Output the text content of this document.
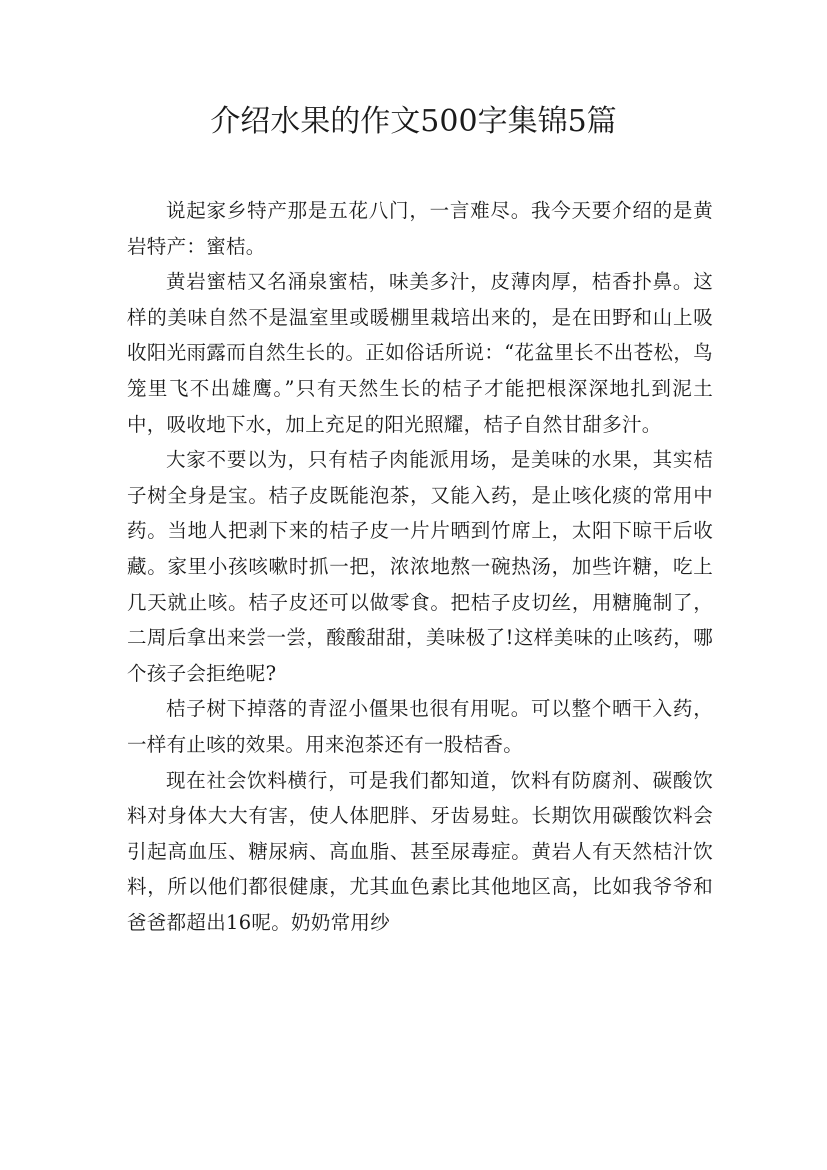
介绍水果的作文500字集锦5篇

说起家乡特产那是五花八门，一言难尽。我今天要介绍的是黄岩特产：蜜桔。

黄岩蜜桔又名涌泉蜜桔，味美多汁，皮薄肉厚，桔香扑鼻。这样的美味自然不是温室里或暖棚里栽培出来的，是在田野和山上吸收阳光雨露而自然生长的。正如俗话所说：“花盆里长不出苍松，鸟笼里飞不出雄鹰。”只有天然生长的桔子才能把根深深地扎到泥土中，吸收地下水，加上充足的阳光照耀，桔子自然甘甜多汁。

大家不要以为，只有桔子肉能派用场，是美味的水果，其实桔子树全身是宝。桔子皮既能泡茶，又能入药，是止咳化痰的常用中药。当地人把剥下来的桔子皮一片片晒到竹席上，太阳下晾干后收藏。家里小孩咳嗽时抓一把，浓浓地熬一碗热汤，加些许糖，吃上几天就止咳。桔子皮还可以做零食。把桔子皮切丝，用糖腌制了，二周后拿出来尝一尝，酸酸甜甜，美味极了!这样美味的止咳药，哪个孩子会拒绝呢?

桔子树下掉落的青涩小僵果也很有用呢。可以整个晒干入药，一样有止咳的效果。用来泡茶还有一股桔香。

现在社会饮料横行，可是我们都知道，饮料有防腐剂、碳酸饮料对身体大大有害，使人体肥胖、牙齿易蛀。长期饮用碳酸饮料会引起高血压、糖尿病、高血脂、甚至尿毒症。黄岩人有天然桔汁饮料，所以他们都很健康，尤其血色素比其他地区高，比如我爷爷和爸爸都超出16呢。奶奶常用纱
